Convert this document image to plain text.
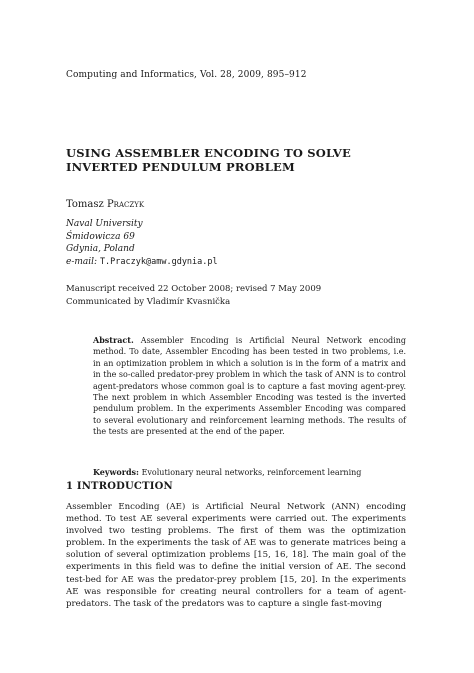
Computing and Informatics, Vol. 28, 2009, 895–912
USING ASSEMBLER ENCODING TO SOLVE
INVERTED PENDULUM PROBLEM
Tomasz Praczyk
Naval University
Śmidowicza 69
Gdynia, Poland
e-mail: T.Praczyk@amw.gdynia.pl
Manuscript received 22 October 2008; revised 7 May 2009
Communicated by Vladimír Kvasnička
Abstract. Assembler Encoding is Artificial Neural Network encoding method. To date, Assembler Encoding has been tested in two problems, i.e. in an optimization problem in which a solution is in the form of a matrix and in the so-called predator-prey problem in which the task of ANN is to control agent-predators whose common goal is to capture a fast moving agent-prey. The next problem in which Assembler Encoding was tested is the inverted pendulum problem. In the experiments Assembler Encoding was compared to several evolutionary and reinforcement learning methods. The results of the tests are presented at the end of the paper.
Keywords: Evolutionary neural networks, reinforcement learning
1 INTRODUCTION
Assembler Encoding (AE) is Artificial Neural Network (ANN) encoding method. To test AE several experiments were carried out. The experiments involved two testing problems. The first of them was the optimization problem. In the experiments the task of AE was to generate matrices being a solution of several optimization problems [15, 16, 18]. The main goal of the experiments in this field was to define the initial version of AE. The second test-bed for AE was the predator-prey problem [15, 20]. In the experiments AE was responsible for creating neural controllers for a team of agent-predators. The task of the predators was to capture a single fast-moving
